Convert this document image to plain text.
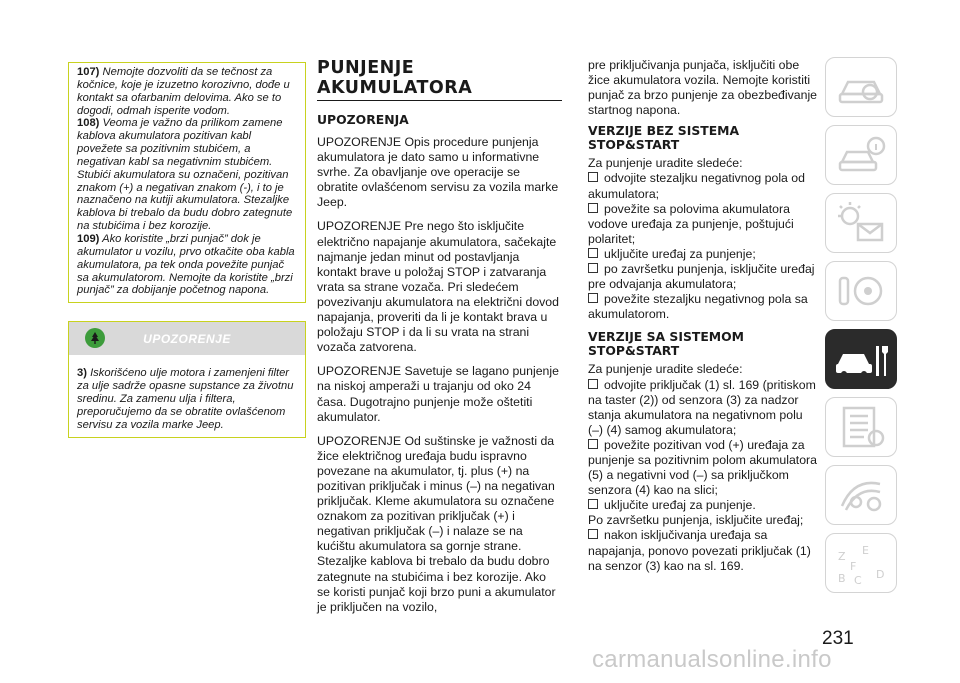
107) Nemojte dozvoliti da se tečnost za kočnice, koje je izuzetno korozivno, dođe u kontakt sa ofarbanim delovima. Ako se to dogodi, odmah isperite vodom.

108) Veoma je važno da prilikom zamene kablova akumulatora pozitivan kabl povežete sa pozitivnim stubićem, a negativan kabl sa negativnim stubićem. Stubići akumulatora su označeni, pozitivan znakom (+) a negativan znakom (-), i to je naznačeno na kutiji akumulatora. Stezaljke kablova bi trebalo da budu dobro zategnute na stubićima i bez korozije.

109) Ako koristite „brzi punjač” dok je akumulator u vozilu, prvo otkačite oba kabla akumulatora, pa tek onda povežite punjač sa akumulatorom. Nemojte da koristite „brzi punjač” za dobijanje početnog napona.

UPOZORENJE
3) Iskorišćeno ulje motora i zamenjeni filter za ulje sadrže opasne supstance za životnu sredinu. Za zamenu ulja i filtera, preporučujemo da se obratite ovlašćenom servisu za vozila marke Jeep.

PUNJENJE

AKUMULATORA

UPOZORENJA

UPOZORENJE Opis procedure punjenja akumulatora je dato samo u informativne svrhe. Za obavljanje ove operacije se obratite ovlašćenom servisu za vozila marke Jeep.

UPOZORENJE Pre nego što isključite električno napajanje akumulatora, sačekajte najmanje jedan minut od postavljanja kontakt brave u položaj STOP i zatvaranja vrata sa strane vozača. Pri sledećem povezivanju akumulatora na električni dovod napajanja, proveriti da li je kontakt brava u položaju STOP i da li su vrata na strani vozača zatvorena.

UPOZORENJE Savetuje se lagano punjenje na niskoj amperaži u trajanju od oko 24 časa. Dugotrajno punjenje može oštetiti akumulator.

UPOZORENJE Od suštinske je važnosti da žice električnog uređaja budu ispravno povezane na akumulator, tj. plus (+) na pozitivan priključak i minus (–) na negativan priključak. Kleme akumulatora su označene oznakom za pozitivan priključak (+) i negativan priključak (–) i nalaze se na kućištu akumulatora sa gornje strane. Stezaljke kablova bi trebalo da budu dobro zategnute na stubićima i bez korozije. Ako se koristi punjač koji brzo puni a akumulator je priključen na vozilo,

pre priključivanja punjača, isključiti obe žice akumulatora vozila. Nemojte koristiti punjač za brzo punjenje za obezbeđivanje startnog napona.

VERZIJE BEZ SISTEMA STOP&START

Za punjenje uradite sledeće:

odvojite stezaljku negativnog pola od akumulatora;

povežite sa polovima akumulatora vodove uređaja za punjenje, poštujući polaritet;

uključite uređaj za punjenje;

po završetku punjenja, isključite uređaj pre odvajanja akumulatora;

povežite stezaljku negativnog pola sa akumulatorom.

VERZIJE SA SISTEMOM STOP&START

Za punjenje uradite sledeće:

odvojite priključak (1) sl. 169 (pritiskom na taster (2)) od senzora (3) za nadzor stanja akumulatora na negativnom polu (–) (4) samog akumulatora;

povežite pozitivan vod (+) uređaja za punjenje sa pozitivnim polom akumulatora (5) a negativni vod (–) sa priključkom senzora (4) kao na slici;

uključite uređaj za punjenje.

Po završetku punjenja, isključite uređaj;

nakon isključivanja uređaja sa napajanja, ponovo povezati priključak (1) na senzor (3) kao na sl. 169.

Z E
F
B C D
231
carmanualsonline.info
